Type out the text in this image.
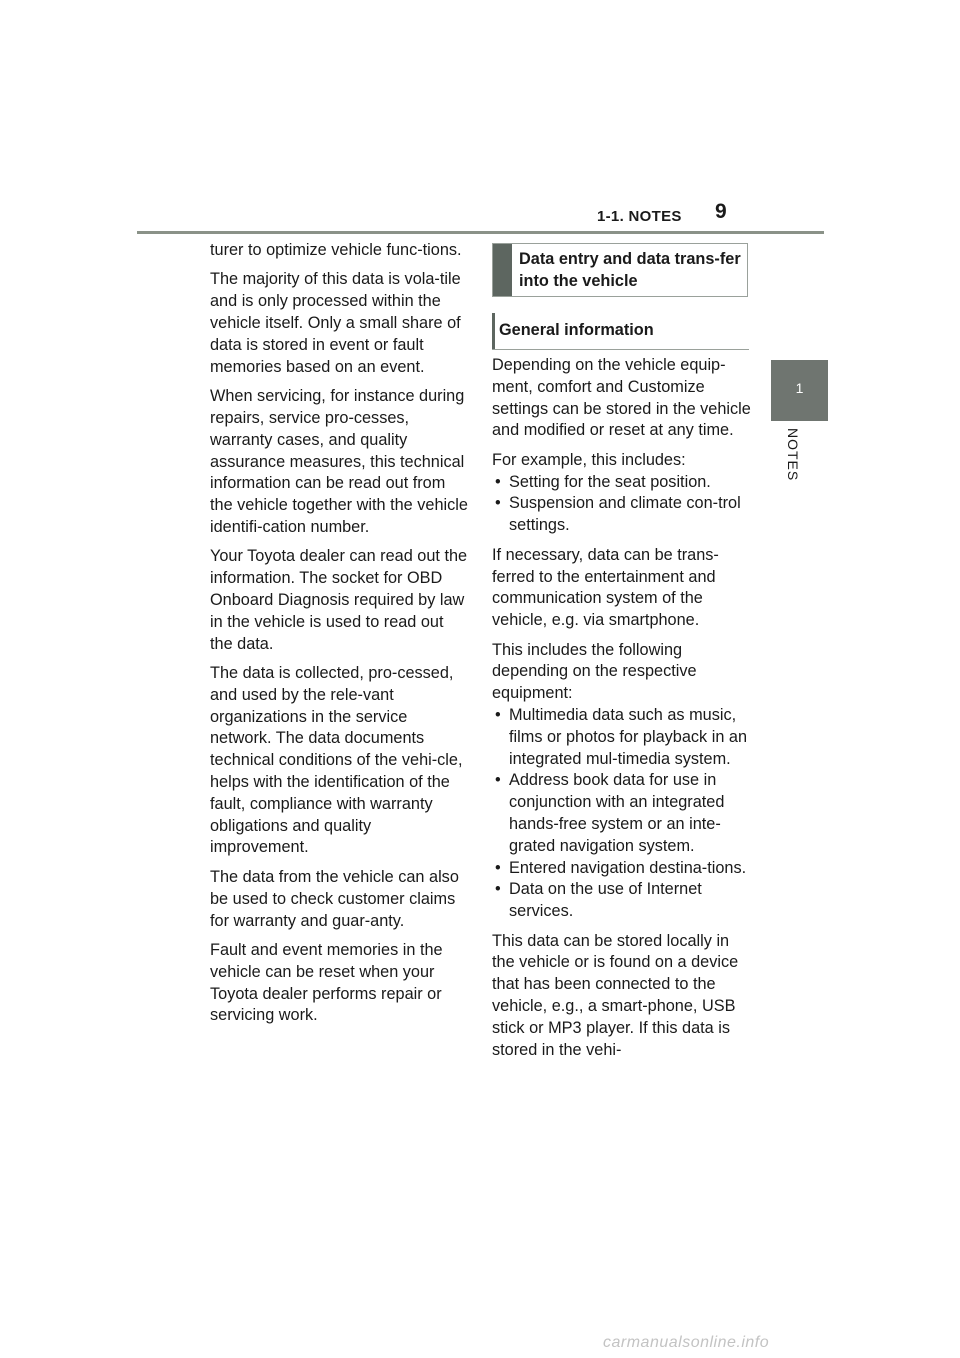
1-1. NOTES 9
1
NOTES

turer to optimize vehicle func-tions.

The majority of this data is vola-tile and is only processed within the vehicle itself. Only a small share of data is stored in event or fault memories based on an event.

When servicing, for instance during repairs, service pro-cesses, warranty cases, and quality assurance measures, this technical information can be read out from the vehicle together with the vehicle identifi-cation number.

Your Toyota dealer can read out the information. The socket for OBD Onboard Diagnosis required by law in the vehicle is used to read out the data.

The data is collected, pro-cessed, and used by the rele-vant organizations in the service network. The data documents technical conditions of the vehi-cle, helps with the identification of the fault, compliance with warranty obligations and quality improvement.

The data from the vehicle can also be used to check customer claims for warranty and guar-anty.

Fault and event memories in the vehicle can be reset when your Toyota dealer performs repair or servicing work.

Data entry and data trans-fer into the vehicle
General information

Depending on the vehicle equip-ment, comfort and Customize settings can be stored in the vehicle and modified or reset at any time.

For example, this includes:

• Setting for the seat position.
• Suspension and climate con-trol settings.

If necessary, data can be trans-ferred to the entertainment and communication system of the vehicle, e.g. via smartphone.

This includes the following depending on the respective equipment:

• Multimedia data such as music, films or photos for playback in an integrated mul-timedia system.
• Address book data for use in conjunction with an integrated hands-free system or an inte-grated navigation system.
• Entered navigation destina-tions.
• Data on the use of Internet services.

This data can be stored locally in the vehicle or is found on a device that has been connected to the vehicle, e.g., a smart-phone, USB stick or MP3 player. If this data is stored in the vehi-

carmanualsonline.info
